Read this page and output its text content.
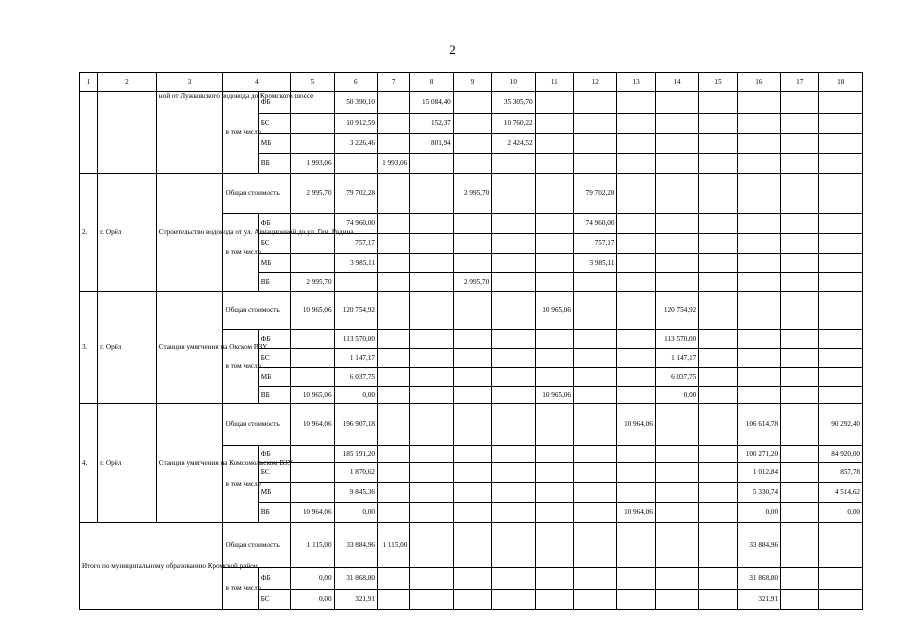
2
1	2	3	4		5	6	7	8	9	10	11	12	13	14	15	16	17	18
		ной от Лужковского водовода до Кромского шоссе	в том числе	ФБ		50 390,10		15 084,40		35 305,70								
				БС		10 912,59		152,37		10 760,22								
				МБ		3 226,46		801,94		2 424,52								
				ВБ	1 993,06		1 993,06											
2.	г. Орёл	Строительство водовода от ул. Авиационной до ул. Ген. Родина	Общая стоимость		2 995,70	79 702,28			2 995,70			79 702,28						
			в том числе	ФБ		74 960,00						74 960,00						
				БС		757,17						757,17						
				МБ		3 985,11						3 985,11						
				ВБ	2 995,70				2 995,70									
3.	г. Орёл	Станция умягчения на Окском ВЗУ	Общая стоимость		10 965,06	120 754,92					10 965,06			120 754,92				
			в том числе	ФБ		113 570,00								113 570,00				
				БС		1 147,17								1 147,17				
				МБ		6 037,75								6 037,75				
				ВБ	10 965,06	0,00					10 965,06			0,00				
4.	г. Орёл	Станция умягчения на Комсомольском ВЗУ	Общая стоимость		10 964,06	196 907,18							10 964,06			106 614,78		90 292,40
			в том числе	ФБ		185 191,20										100 271,20		84 920,00
				БС		1 870,62										1 012,84		857,78
				МБ		9 845,36										5 330,74		4 514,62
				ВБ	10 964,06	0,00							10 964,06			0,00		0,00
Итого по муниципальному образованию Кромской район			Общая стоимость		1 115,00	33 884,96	1 115,00									33 884,96		
			в том числе	ФБ	0,00	31 868,80										31 868,80		
				БС	0,00	321,91										321,91		
